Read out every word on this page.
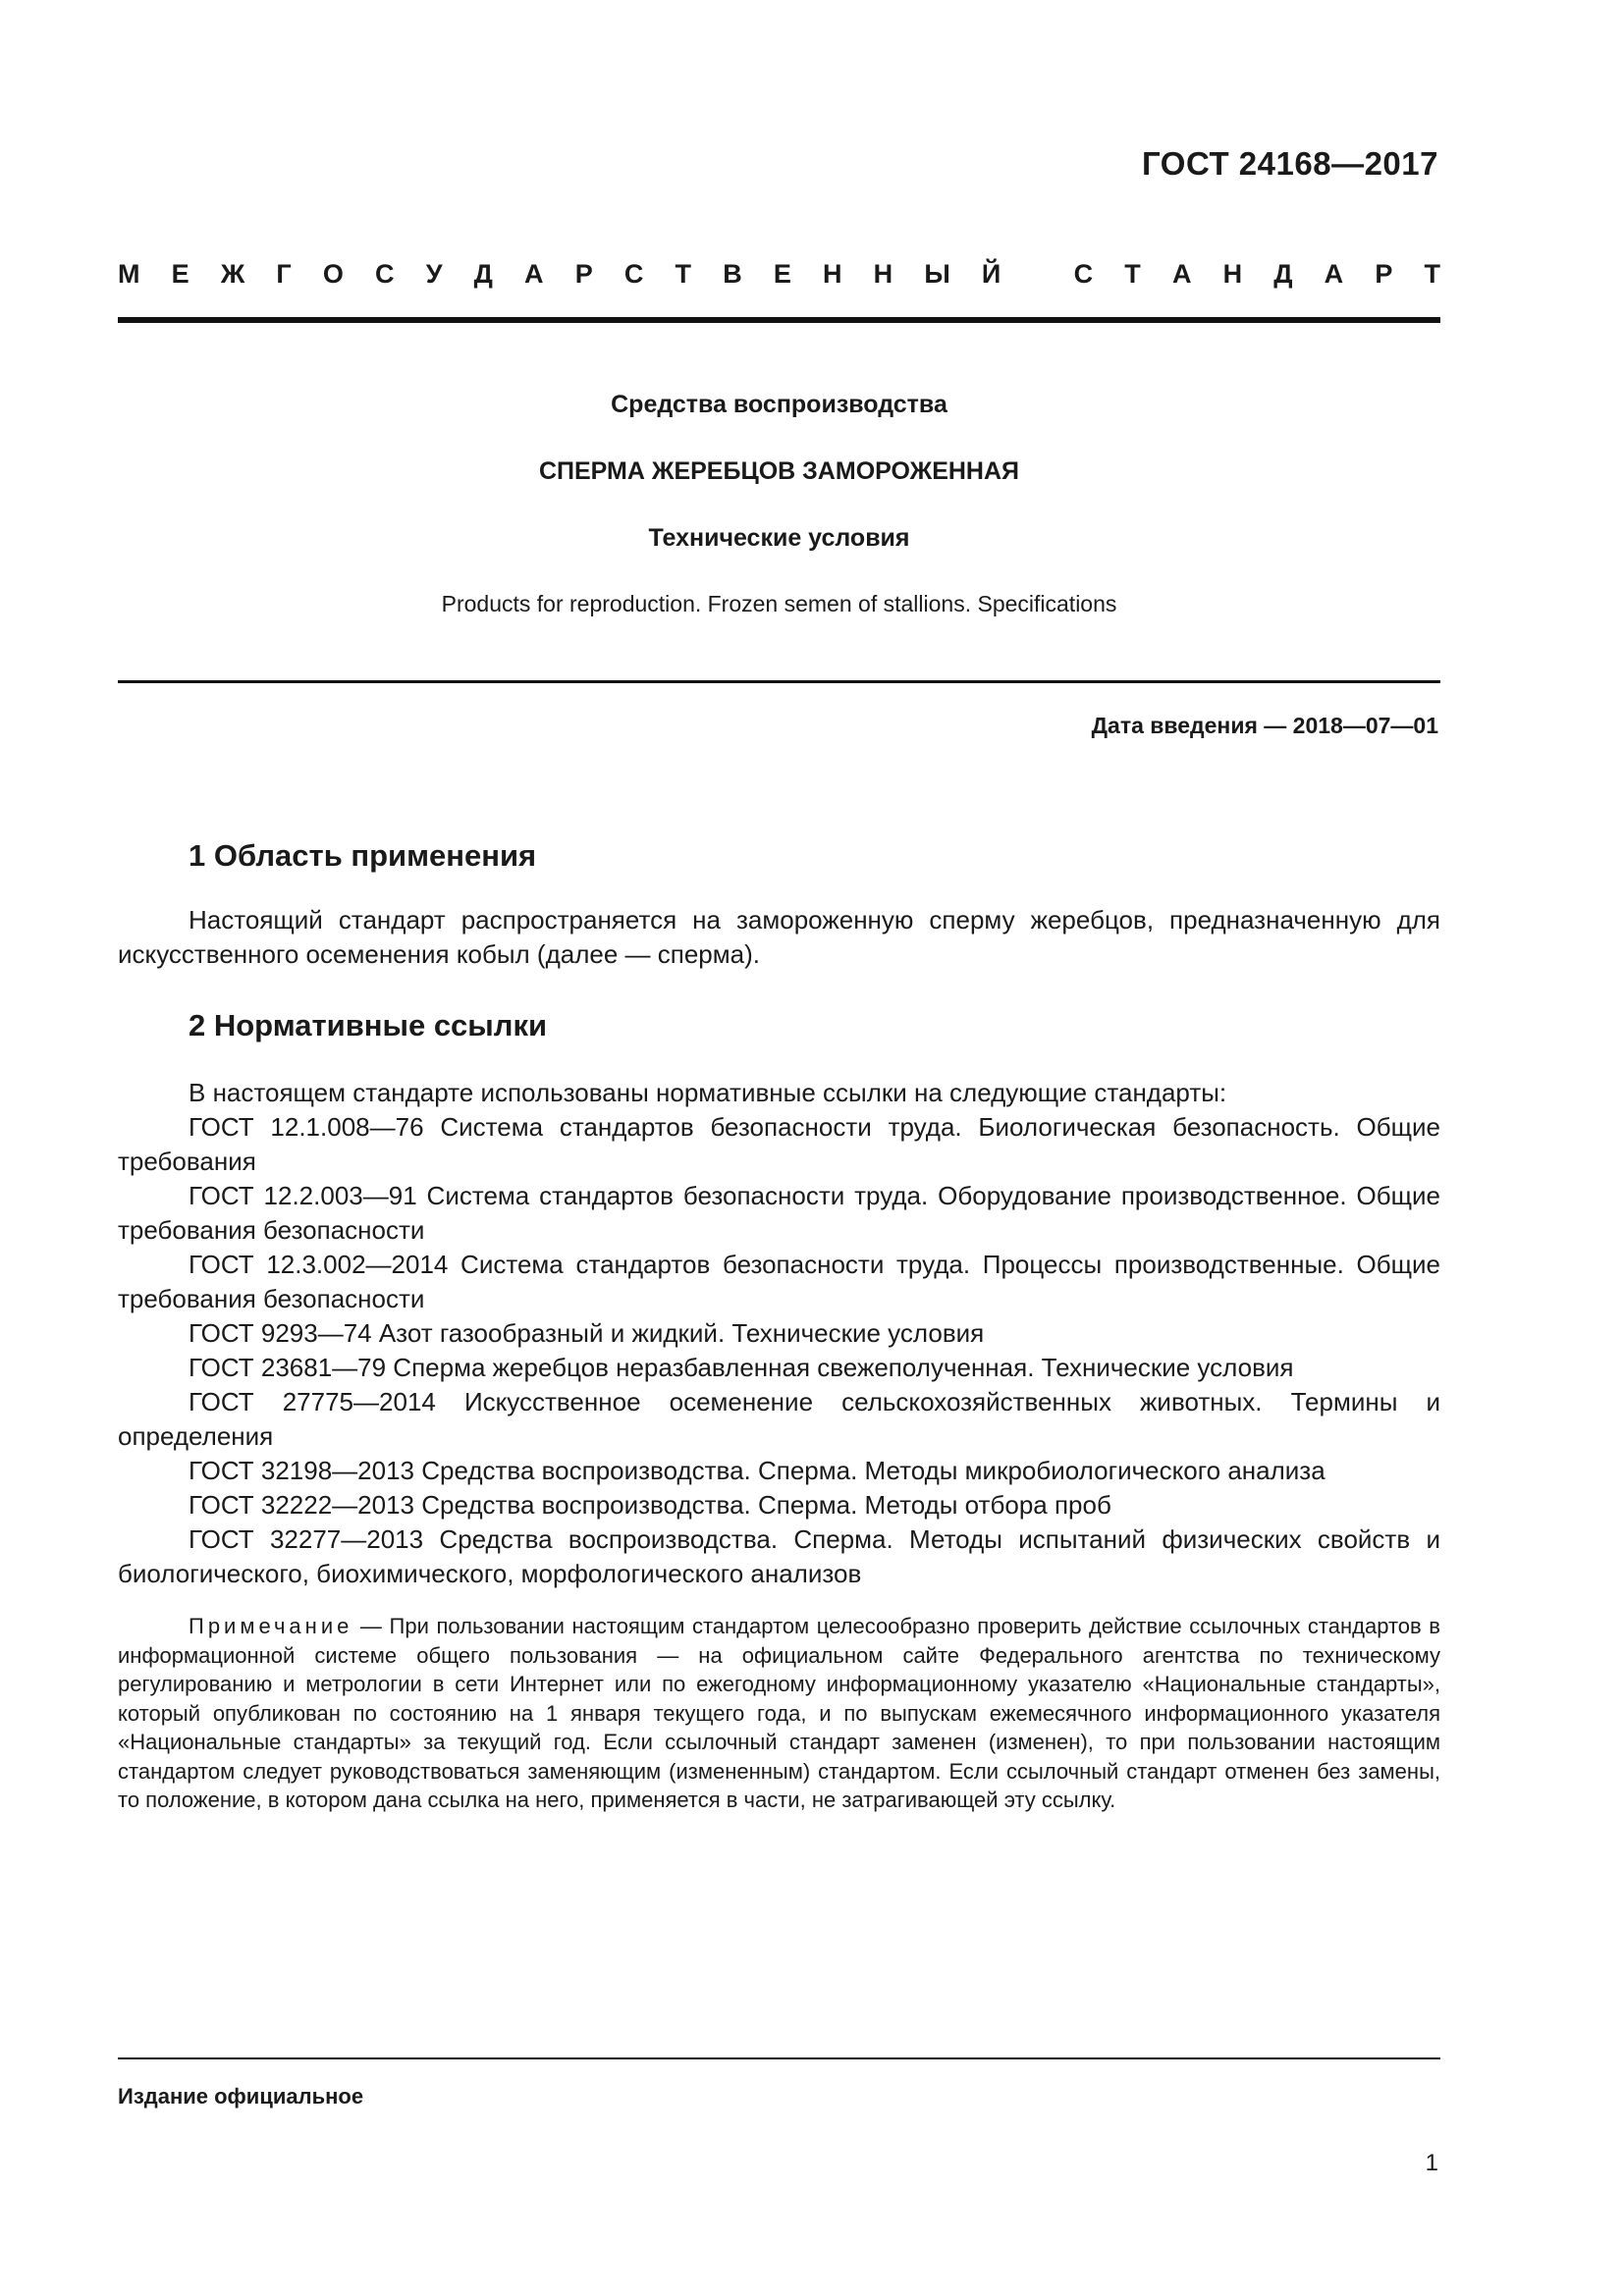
ГОСТ 24168—2017
М Е Ж Г О С У Д А Р С Т В Е Н Н Ы Й	С Т А Н Д А Р Т
Средства воспроизводства
СПЕРМА ЖЕРЕБЦОВ ЗАМОРОЖЕННАЯ
Технические условия
Products for reproduction. Frozen semen of stallions. Specifications
Дата введения — 2018—07—01
1 Область применения
Настоящий стандарт распространяется на замороженную сперму жеребцов, предназначенную для искусственного осеменения кобыл (далее — сперма).
2 Нормативные ссылки
В настоящем стандарте использованы нормативные ссылки на следующие стандарты:
ГОСТ 12.1.008—76 Система стандартов безопасности труда. Биологическая безопасность. Общие требования
ГОСТ 12.2.003—91 Система стандартов безопасности труда. Оборудование производственное. Общие требования безопасности
ГОСТ 12.3.002—2014 Система стандартов безопасности труда. Процессы производственные. Общие требования безопасности
ГОСТ 9293—74 Азот газообразный и жидкий. Технические условия
ГОСТ 23681—79 Сперма жеребцов неразбавленная свежеполученная. Технические условия
ГОСТ 27775—2014 Искусственное осеменение сельскохозяйственных животных. Термины и определения
ГОСТ 32198—2013 Средства воспроизводства. Сперма. Методы микробиологического анализа
ГОСТ 32222—2013 Средства воспроизводства. Сперма. Методы отбора проб
ГОСТ 32277—2013 Средства воспроизводства. Сперма. Методы испытаний физических свойств и биологического, биохимического, морфологического анализов
Примечание — При пользовании настоящим стандартом целесообразно проверить действие ссылочных стандартов в информационной системе общего пользования — на официальном сайте Федерального агентства по техническому регулированию и метрологии в сети Интернет или по ежегодному информационному указателю «Национальные стандарты», который опубликован по состоянию на 1 января текущего года, и по выпускам ежемесячного информационного указателя «Национальные стандарты» за текущий год. Если ссылочный стандарт заменен (изменен), то при пользовании настоящим стандартом следует руководствоваться заменяющим (измененным) стандартом. Если ссылочный стандарт отменен без замены, то положение, в котором дана ссылка на него, применяется в части, не затрагивающей эту ссылку.
Издание официальное
1
